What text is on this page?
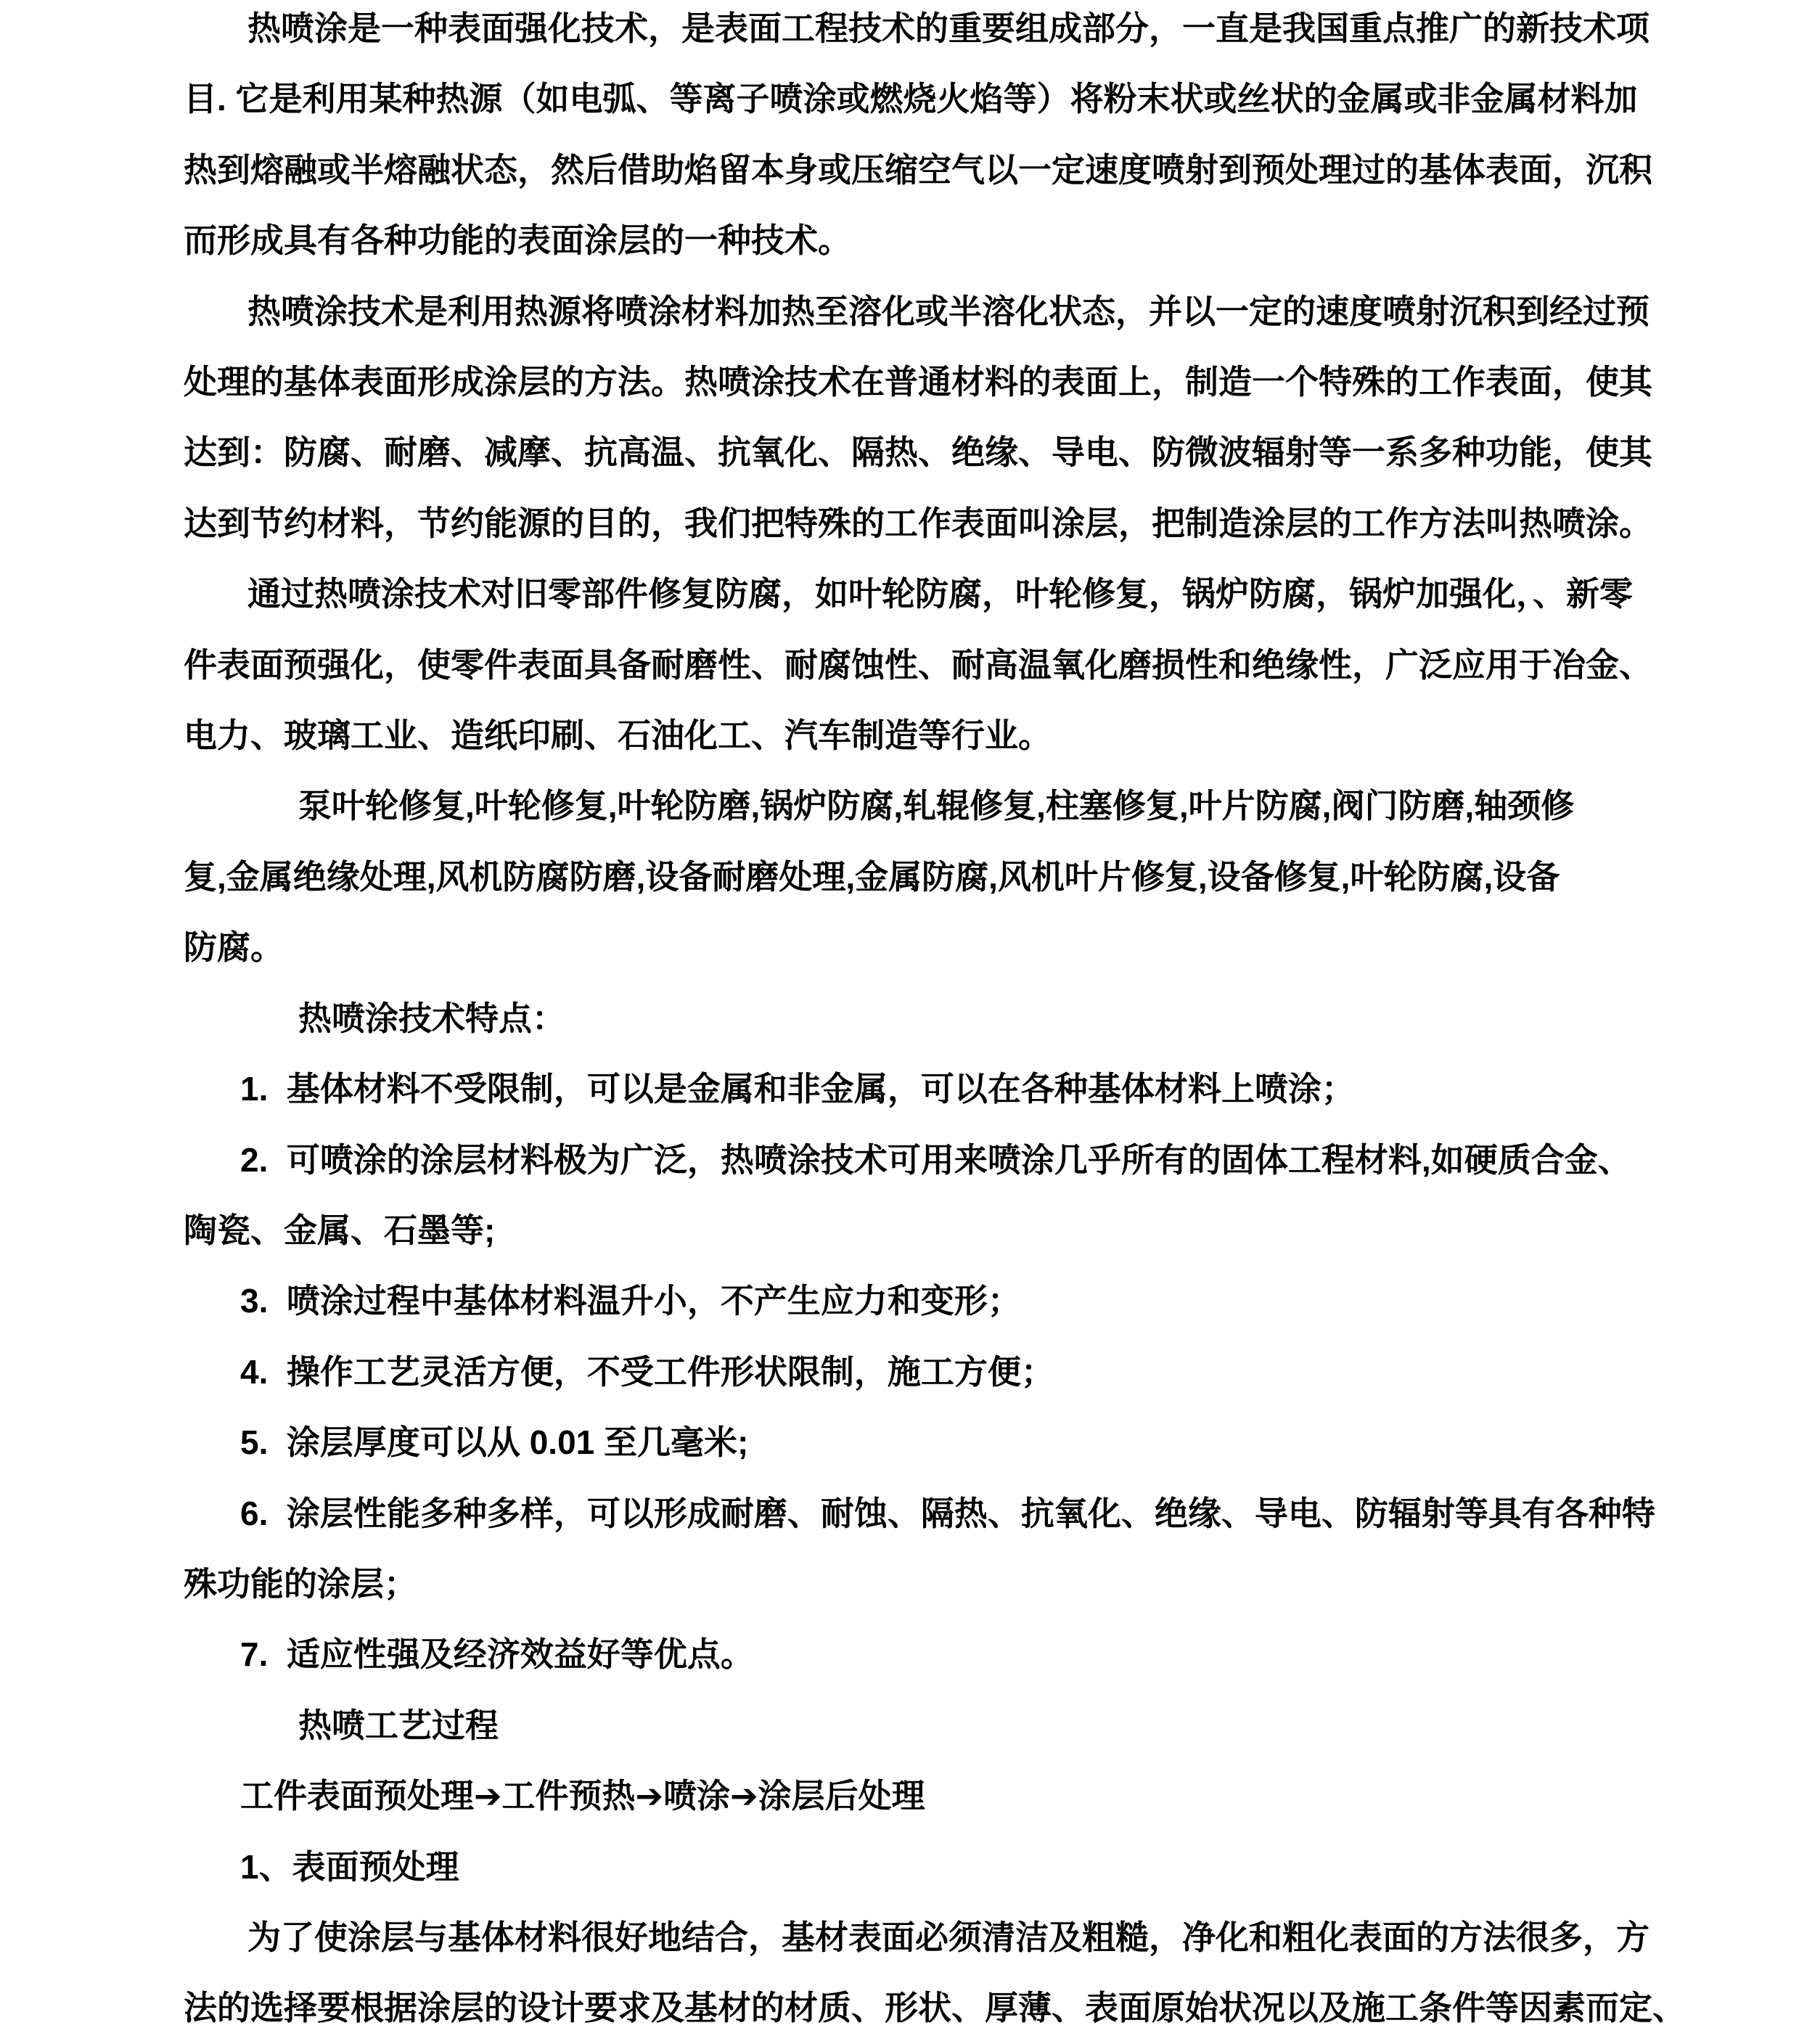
热喷涂是一种表面强化技术，是表面工程技术的重要组成部分，一直是我国重点推广的新技术项
目. 它是利用某种热源（如电弧、等离子喷涂或燃烧火焰等）将粉末状或丝状的金属或非金属材料加
热到熔融或半熔融状态，然后借助焰留本身或压缩空气以一定速度喷射到预处理过的基体表面，沉积
而形成具有各种功能的表面涂层的一种技术。
热喷涂技术是利用热源将喷涂材料加热至溶化或半溶化状态，并以一定的速度喷射沉积到经过预
处理的基体表面形成涂层的方法。热喷涂技术在普通材料的表面上，制造一个特殊的工作表面，使其
达到：防腐、耐磨、减摩、抗高温、抗氧化、隔热、绝缘、导电、防微波辐射等一系多种功能，使其
达到节约材料，节约能源的目的，我们把特殊的工作表面叫涂层，把制造涂层的工作方法叫热喷涂。
通过热喷涂技术对旧零部件修复防腐，如叶轮防腐，叶轮修复，锅炉防腐，锅炉加强化，、新零
件表面预强化，使零件表面具备耐磨性、耐腐蚀性、耐高温氧化磨损性和绝缘性，广泛应用于冶金、
电力、玻璃工业、造纸印刷、石油化工、汽车制造等行业。
泵叶轮修复,叶轮修复,叶轮防磨,锅炉防腐,轧辊修复,柱塞修复,叶片防腐,阀门防磨,轴颈修
复,金属绝缘处理,风机防腐防磨,设备耐磨处理,金属防腐,风机叶片修复,设备修复,叶轮防腐,设备
防腐。
热喷涂技术特点：
1.  基体材料不受限制，可以是金属和非金属，可以在各种基体材料上喷涂；
2.  可喷涂的涂层材料极为广泛，热喷涂技术可用来喷涂几乎所有的固体工程材料,如硬质合金、
陶瓷、金属、石墨等;
3.  喷涂过程中基体材料温升小，不产生应力和变形；
4.  操作工艺灵活方便，不受工件形状限制，施工方便；
5.  涂层厚度可以从 0.01 至几毫米;
6.  涂层性能多种多样，可以形成耐磨、耐蚀、隔热、抗氧化、绝缘、导电、防辐射等具有各种特
殊功能的涂层；
7.  适应性强及经济效益好等优点。
热喷工艺过程
工件表面预处理➔工件预热➔喷涂➔涂层后处理
1、表面预处理
为了使涂层与基体材料很好地结合，基材表面必须清洁及粗糙，净化和粗化表面的方法很多，方
法的选择要根据涂层的设计要求及基材的材质、形状、厚薄、表面原始状况以及施工条件等因素而定、
